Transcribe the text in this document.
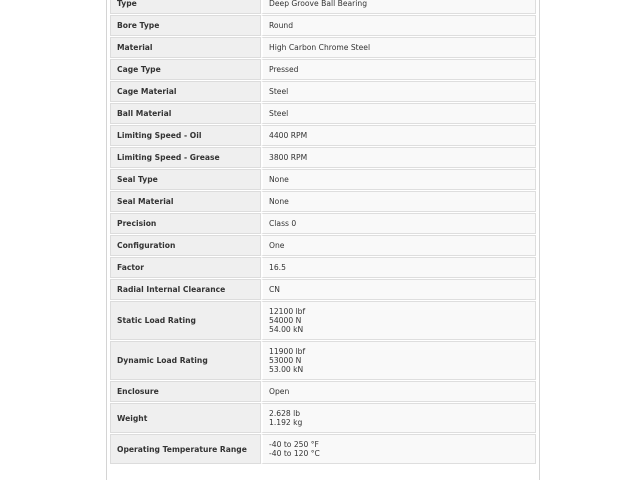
Type	Deep Groove Ball Bearing

Bore Type	Round

Material	High Carbon Chrome Steel

Cage Type	Pressed

Cage Material	Steel

Ball Material	Steel

Limiting Speed - Oil	4400 RPM

Limiting Speed - Grease	3800 RPM

Seal Type	None

Seal Material	None

Precision	Class 0

Configuration	One

Factor	16.5

Radial Internal Clearance	CN

Static Load Rating	12100 lbf
54000 N
54.00 kN

Dynamic Load Rating	11900 lbf
53000 N
53.00 kN

Enclosure	Open

Weight	2.628 lb
1.192 kg

Operating Temperature Range	-40 to 250 °F
-40 to 120 °C
